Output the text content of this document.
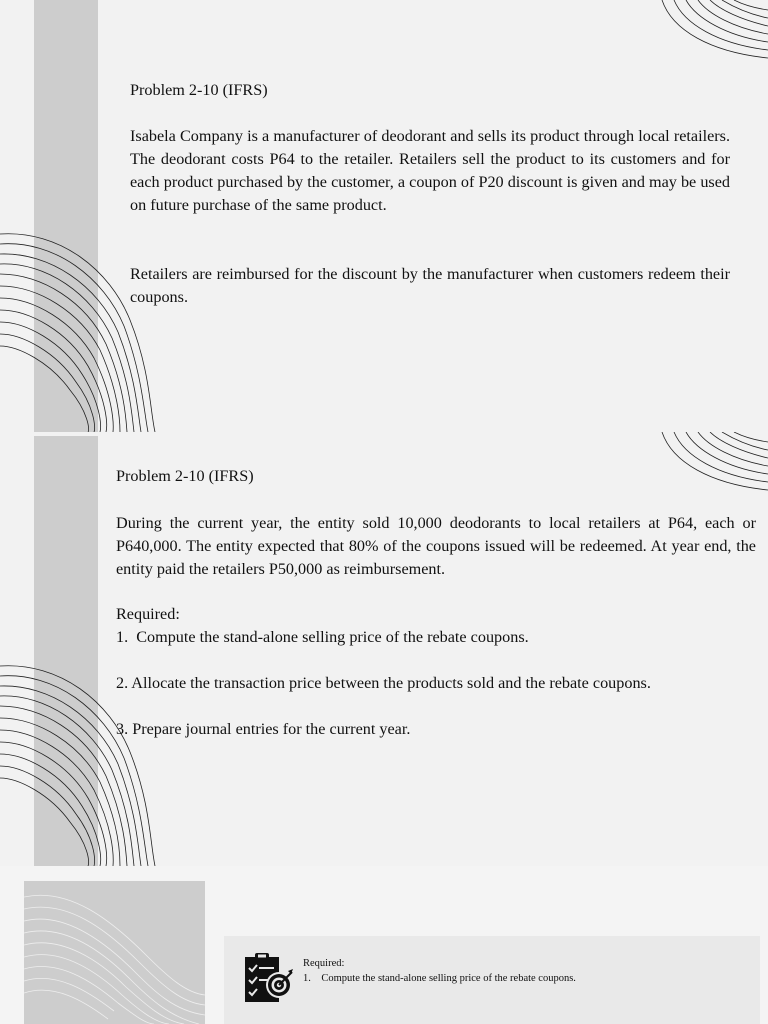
Problem 2-10 (IFRS)
Isabela Company is a manufacturer of deodorant and sells its product through local retailers. The deodorant costs P64 to the retailer. Retailers sell the product to its customers and for each product purchased by the customer, a coupon of P20 discount is given and may be used on future purchase of the same product.
Retailers are reimbursed for the discount by the manufacturer when customers redeem their coupons.
Problem 2-10 (IFRS)
During the current year, the entity sold 10,000 deodorants to local retailers at P64, each or P640,000. The entity expected that 80% of the coupons issued will be redeemed. At year end, the entity paid the retailers P50,000 as reimbursement.
Required:
1.  Compute the stand-alone selling price of the rebate coupons.
2. Allocate the transaction price between the products sold and the rebate coupons.
3. Prepare journal entries for the current year.
Required:
1.    Compute the stand-alone selling price of the rebate coupons.
